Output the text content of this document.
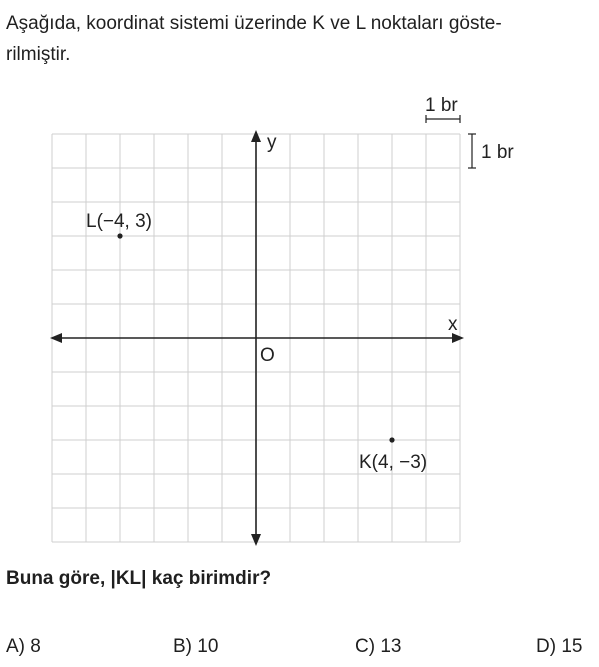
Aşağıda, koordinat sistemi üzerinde K ve L noktaları göste-
rilmiştir.
x
y
O
1 br
1 br
L(−4, 3)
K(4, −3)
Buna göre, |KL| kaç birimdir?
A) 8	B) 10	C) 13	D) 15
